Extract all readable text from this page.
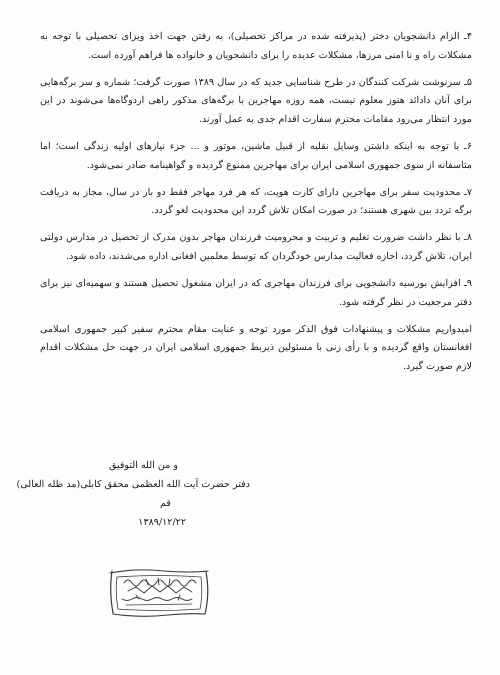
۴ـ الزام دانشجویان دختر (پذیرفته شده در مراکز تحصیلی)، به رفتن جهت اخذ ویزای تحصیلی با توجه به مشکلات راه و نا امنی مرزها، مشکلات عدیده را برای دانشجویان و خانواده ها فراهم آورده است.

۵ـ سرنوشت شرکت کنندگان در طرح شناسایی جدید که در سال ۱۳۸۹ صورت گرفت؛ شماره و سر برگه‌هایی برای آنان دادائد هنوز معلوم نیست، همه روزه مهاجرین با برگه‌های مذکور راهی اردوگاه‌ها می‌شوند در این مورد انتظار می‌رود مقامات محترم سفارت اقدام جدی به عمل آورند.

۶ـ با توجه به اینکه داشتن وسایل نقلیه از قبیل ماشین، موتور و ... جزء نیازهای اولیه زندگی است؛ اما متاسفانه از سوی جمهوری اسلامی ایران برای مهاجرین ممنوع گردیده و گواهینامه صادر نمی‌شود.

۷ـ محدودیت سفر برای مهاجرین دارای کارت هویت، که هر فرد مهاجر فقط دو بار در سال، مجاز به دریافت برگه تردد بین شهری هستند؛ در صورت امکان تلاش گردد این محدودیت لغو گردد.

۸ـ با نظر داشت ضرورت تعلیم و تربیت و محرومیت فرزندان مهاجر بدون مدرک از تحصیل در مدارس دولتی ایران، تلاش گردد، اجازه فعالیت مدارس خودگردان که توسط معلمین افغانی اداره می‌شدند، داده شود.

۹ـ افزایش بورسیه دانشجویی برای فرزندان مهاجری که در ایران مشغول تحصیل هستند و سهمیه‌ای نیز برای دفتر مرجعیت در نظر گرفته شود.

امیدواریم مشکلات و پیشنهادات فوق الذکر مورد توجه و عنایت مقام محترم سفیر کبیر جمهوری اسلامی افغانستان واقع گردیده و با رأی زنی با مسئولین ذیربط جمهوری اسلامی ایران در جهت حل مشکلات اقدام لازم صورت گیرد.

و من الله التوفیق
دفتر حضرت آیت الله العظمی محقق کابلی(مد ظله العالی)
قم
۱۳۸۹/۱۲/۲۲
